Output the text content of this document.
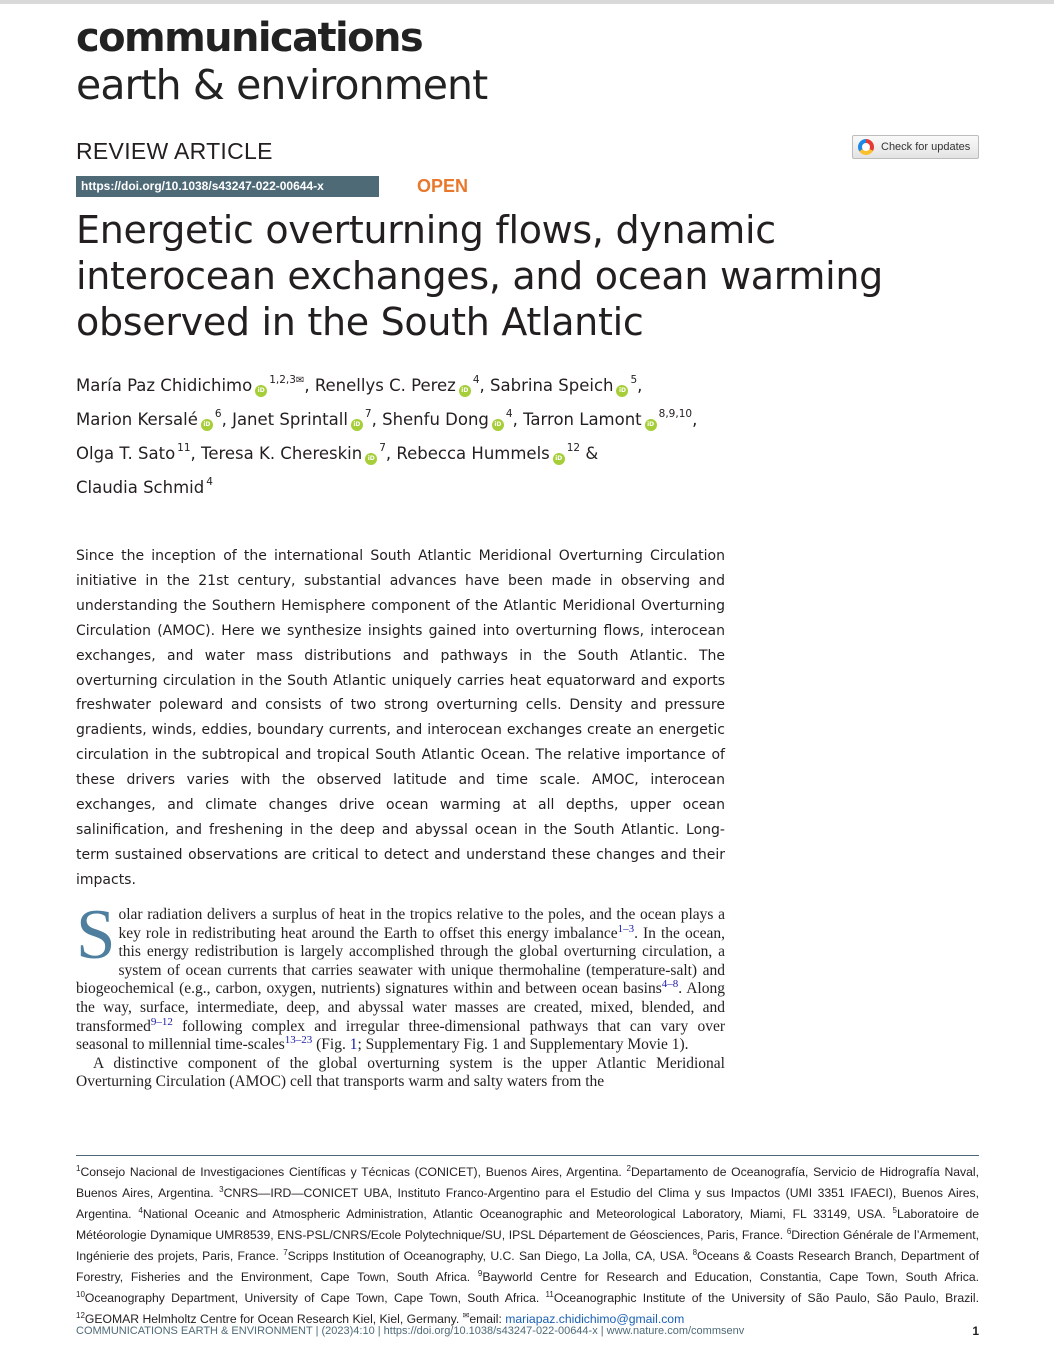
communications
earth & environment
REVIEW ARTICLE	Check for updates
https://doi.org/10.1038/s43247-022-00644-x	OPEN
Energetic overturning flows, dynamic interocean exchanges, and ocean warming observed in the South Atlantic
María Paz Chidichimo iD$^{1,2,3✉}$, Renellys C. Perez iD$^4$, Sabrina Speich iD$^5$,
Marion Kersalé iD$^6$, Janet Sprintall iD$^7$, Shenfu Dong iD$^4$, Tarron Lamont iD$^{8,9,10}$,
Olga T. Sato $^{11}$, Teresa K. Chereskin iD$^7$, Rebecca Hummels iD$^{12}$ &
Claudia Schmid $^4$
Since the inception of the international South Atlantic Meridional Overturning Circulation initiative in the 21st century, substantial advances have been made in observing and understanding the Southern Hemisphere component of the Atlantic Meridional Overturning Circulation (AMOC). Here we synthesize insights gained into overturning flows, interocean exchanges, and water mass distributions and pathways in the South Atlantic. The overturning circulation in the South Atlantic uniquely carries heat equatorward and exports freshwater poleward and consists of two strong overturning cells. Density and pressure gradients, winds, eddies, boundary currents, and interocean exchanges create an energetic circulation in the subtropical and tropical South Atlantic Ocean. The relative importance of these drivers varies with the observed latitude and time scale. AMOC, interocean exchanges, and climate changes drive ocean warming at all depths, upper ocean salinification, and freshening in the deep and abyssal ocean in the South Atlantic. Long-term sustained observations are critical to detect and understand these changes and their impacts.

Solar radiation delivers a surplus of heat in the tropics relative to the poles, and the ocean plays a key role in redistributing heat around the Earth to offset this energy imbalance$^{1-3}$. In the ocean, this energy redistribution is largely accomplished through the global overturning circulation, a system of ocean currents that carries seawater with unique thermohaline (temperature-salt) and biogeochemical (e.g., carbon, oxygen, nutrients) signatures within and between ocean basins$^{4-8}$. Along the way, surface, intermediate, deep, and abyssal water masses are created, mixed, blended, and transformed$^{9-12}$ following complex and irregular three-dimensional pathways that can vary over seasonal to millennial time-scales$^{13-23}$ (Fig. 1; Supplementary Fig. 1 and Supplementary Movie 1).

A distinctive component of the global overturning system is the upper Atlantic Meridional Overturning Circulation (AMOC) cell that transports warm and salty waters from the

$^1$Consejo Nacional de Investigaciones Científicas y Técnicas (CONICET), Buenos Aires, Argentina. $^2$Departamento de Oceanografía, Servicio de Hidrografía Naval, Buenos Aires, Argentina. $^3$CNRS—IRD—CONICET UBA, Instituto Franco-Argentino para el Estudio del Clima y sus Impactos (UMI 3351 IFAECI), Buenos Aires, Argentina. $^4$National Oceanic and Atmospheric Administration, Atlantic Oceanographic and Meteorological Laboratory, Miami, FL 33149, USA. $^5$Laboratoire de Météorologie Dynamique UMR8539, ENS-PSL/CNRS/Ecole Polytechnique/SU, IPSL Département de Géosciences, Paris, France. $^6$Direction Générale de l’Armement, Ingénierie des projets, Paris, France. $^7$Scripps Institution of Oceanography, U.C. San Diego, La Jolla, CA, USA. $^8$Oceans & Coasts Research Branch, Department of Forestry, Fisheries and the Environment, Cape Town, South Africa. $^9$Bayworld Centre for Research and Education, Constantia, Cape Town, South Africa. $^{10}$Oceanography Department, University of Cape Town, Cape Town, South Africa. $^{11}$Oceanographic Institute of the University of São Paulo, São Paulo, Brazil. $^{12}$GEOMAR Helmholtz Centre for Ocean Research Kiel, Kiel, Germany. ✉email: mariapaz.chidichimo@gmail.com
COMMUNICATIONS EARTH & ENVIRONMENT | (2023)4:10 | https://doi.org/10.1038/s43247-022-00644-x | www.nature.com/commsenv	1
